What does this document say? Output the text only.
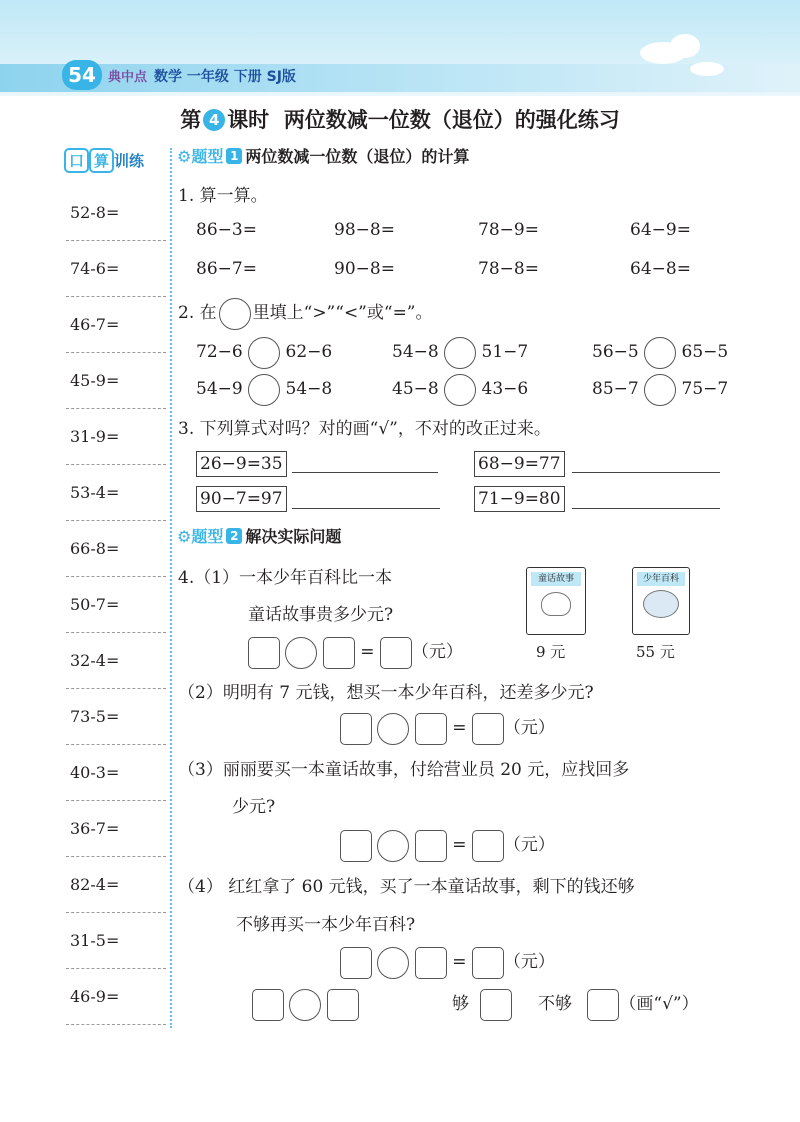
54 典中点 数学 一年级 下册 SJ版
第 4 课时 两位数减一位数（退位）的强化练习
口 算 训练
52-8=
74-6=
46-7=
45-9=
31-9=
53-4=
66-8=
50-7=
32-4=
73-5=
40-3=
36-7=
82-4=
31-5=
46-9=
⚙题型 1 两位数减一位数（退位）的计算
1. 算一算。
86−3=	98−8=	78−9=	64−9=
86−7=	90−8=	78−8=	64−8=
2. 在 里填上“>”“<”或“=”。
72−6	62−6	54−8	51−7	56−5	65−5
54−9	54−8	45−8	43−6	85−7	75−7
3. 下列算式对吗？对的画“√”，不对的改正过来。
26−9=35	68−9=77
90−7=97	71−9=80
⚙题型 2 解决实际问题
4.（1）一本少年百科比一本
童话故事贵多少元?
= （元）
童话故事
9 元
少年百科
55 元
（2）明明有 7 元钱，想买一本少年百科，还差多少元?
= （元）
（3）丽丽要买一本童话故事，付给营业员 20 元，应找回多
少元?
= （元）
（4） 红红拿了 60 元钱，买了一本童话故事，剩下的钱还够
不够再买一本少年百科?
= （元）

够	不够	（画“√”）
